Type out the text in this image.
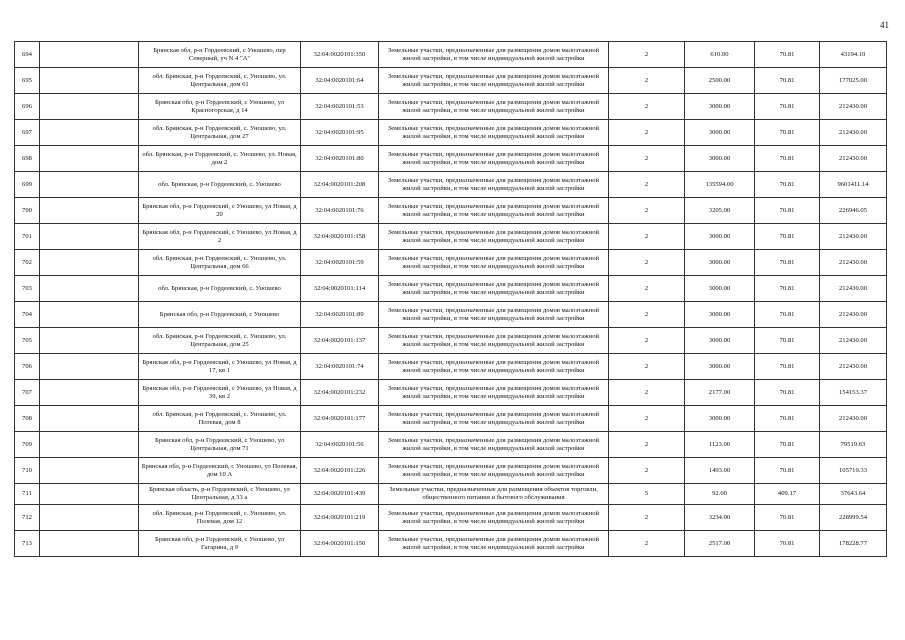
41
694		Брянская обл, р-н Гордеевский, с Уношево, пер Северный, уч N 4 "А"	32:04:0020101:350	Земельные участки, предназначенные для размещения домов малоэтажной жилой застройки, в том числе индивидуальной жилой застройки	2	610.00	70.81	43194.10
695		обл. Брянская, р-н Гордеевский, с. Уношево, ул. Центральная, дом 61	32:04:0020101:64	Земельные участки, предназначенные для размещения домов малоэтажной жилой застройки, в том числе индивидуальной жилой застройки	2	2500.00	70.81	177025.00
696		Брянская обл, р-н Гордеевский, с Уношево, ул Красногорская, д 14	32:04:0020101:53	Земельные участки, предназначенные для размещения домов малоэтажной жилой застройки, в том числе индивидуальной жилой застройки	2	3000.00	70.81	212430.00
697		обл. Брянская, р-н Гордеевский, с. Уношево, ул. Центральная, дом 27	32:04:0020101:95	Земельные участки, предназначенные для размещения домов малоэтажной жилой застройки, в том числе индивидуальной жилой застройки	2	3000.00	70.81	212430.00
698		обл. Брянская, р-н Гордеевский, с. Уношево, ул. Новая, дом 2	32:04:0020101:80	Земельные участки, предназначенные для размещения домов малоэтажной жилой застройки, в том числе индивидуальной жилой застройки	2	3000.00	70.81	212430.00
699		обл. Брянская, р-н Гордеевский, с. Уношево	32:04:0020101:208	Земельные участки, предназначенные для размещения домов малоэтажной жилой застройки, в том числе индивидуальной жилой застройки	2	135594.00	70.81	9601411.14
700		Брянская обл, р-н Гордеевский, с Уношево, ул Новая, д 20	32:04:0020101:76	Земельные участки, предназначенные для размещения домов малоэтажной жилой застройки, в том числе индивидуальной жилой застройки	2	3205.00	70.81	226946.05
701		Брянская обл, р-н Гордеевский, с Уношево, ул Новая, д 2	32:04:0020101:158	Земельные участки, предназначенные для размещения домов малоэтажной жилой застройки, в том числе индивидуальной жилой застройки	2	3000.00	70.81	212430.00
702		обл. Брянская, р-н Гордеевский, с. Уношево, ул. Центральная, дом 66	32:04:0020101:59	Земельные участки, предназначенные для размещения домов малоэтажной жилой застройки, в том числе индивидуальной жилой застройки	2	3000.00	70.81	212430.00
703		обл. Брянская, р-н Гордеевский, с. Уношево	32:04:0020101:114	Земельные участки, предназначенные для размещения домов малоэтажной жилой застройки, в том числе индивидуальной жилой застройки	2	3000.00	70.81	212430.00
704		Брянская обл, р-н Гордеевский, с Уношево	32:04:0020101:89	Земельные участки, предназначенные для размещения домов малоэтажной жилой застройки, в том числе индивидуальной жилой застройки	2	3000.00	70.81	212430.00
705		обл. Брянская, р-н Гордеевский, с. Уношево, ул. Центральная, дом 25	32:04:0020101:137	Земельные участки, предназначенные для размещения домов малоэтажной жилой застройки, в том числе индивидуальной жилой застройки	2	3000.00	70.81	212430.00
706		Брянская обл, р-н Гордеевский, с Уношево, ул Новая, д 17, кв 1	32:04:0020101:74	Земельные участки, предназначенные для размещения домов малоэтажной жилой застройки, в том числе индивидуальной жилой застройки	2	3000.00	70.81	212430.00
707		Брянская обл, р-н Гордеевский, с Уношево, ул Новая, д 39, кв 2	32:04:0020101:232	Земельные участки, предназначенные для размещения домов малоэтажной жилой застройки, в том числе индивидуальной жилой застройки	2	2177.00	70.81	154153.37
708		обл. Брянская, р-н Гордеевский, с. Уношево, ул. Полевая, дом 8	32:04:0020101:177	Земельные участки, предназначенные для размещения домов малоэтажной жилой застройки, в том числе индивидуальной жилой застройки	2	3000.00	70.81	212430.00
709		Брянская обл, р-н Гордеевский, с Уношево, ул Центральная, дом 71	32:04:0020101:56	Земельные участки, предназначенные для размещения домов малоэтажной жилой застройки, в том числе индивидуальной жилой застройки	2	1123.00	70.81	79519.63
710		Брянская обл, р-н Гордеевский, с Уношево, ул Полевая, дом 10 А	32:04:0020101:226	Земельные участки, предназначенные для размещения домов малоэтажной жилой застройки, в том числе индивидуальной жилой застройки	2	1493.00	70.81	105719.33
711		Брянская область, р-н Гордеевский, с Уношево, ул Центральная, д 33 а	32:04:0020101:439	Земельные участки, предназначенные для размещения объектов торговли, общественного питания и бытового обслуживания	5	92.00	409.17	37643.64
712		обл. Брянская, р-н Гордеевский, с. Уношево, ул. Полевая, дом 12	32:04:0020101:219	Земельные участки, предназначенные для размещения домов малоэтажной жилой застройки, в том числе индивидуальной жилой застройки	2	3234.00	70.81	228999.54
713		Брянская обл, р-н Гордеевский, с Уношево, ул Гагарина, д 9	32:04:0020101:150	Земельные участки, предназначенные для размещения домов малоэтажной жилой застройки, в том числе индивидуальной жилой застройки	2	2517.00	70.81	178228.77
